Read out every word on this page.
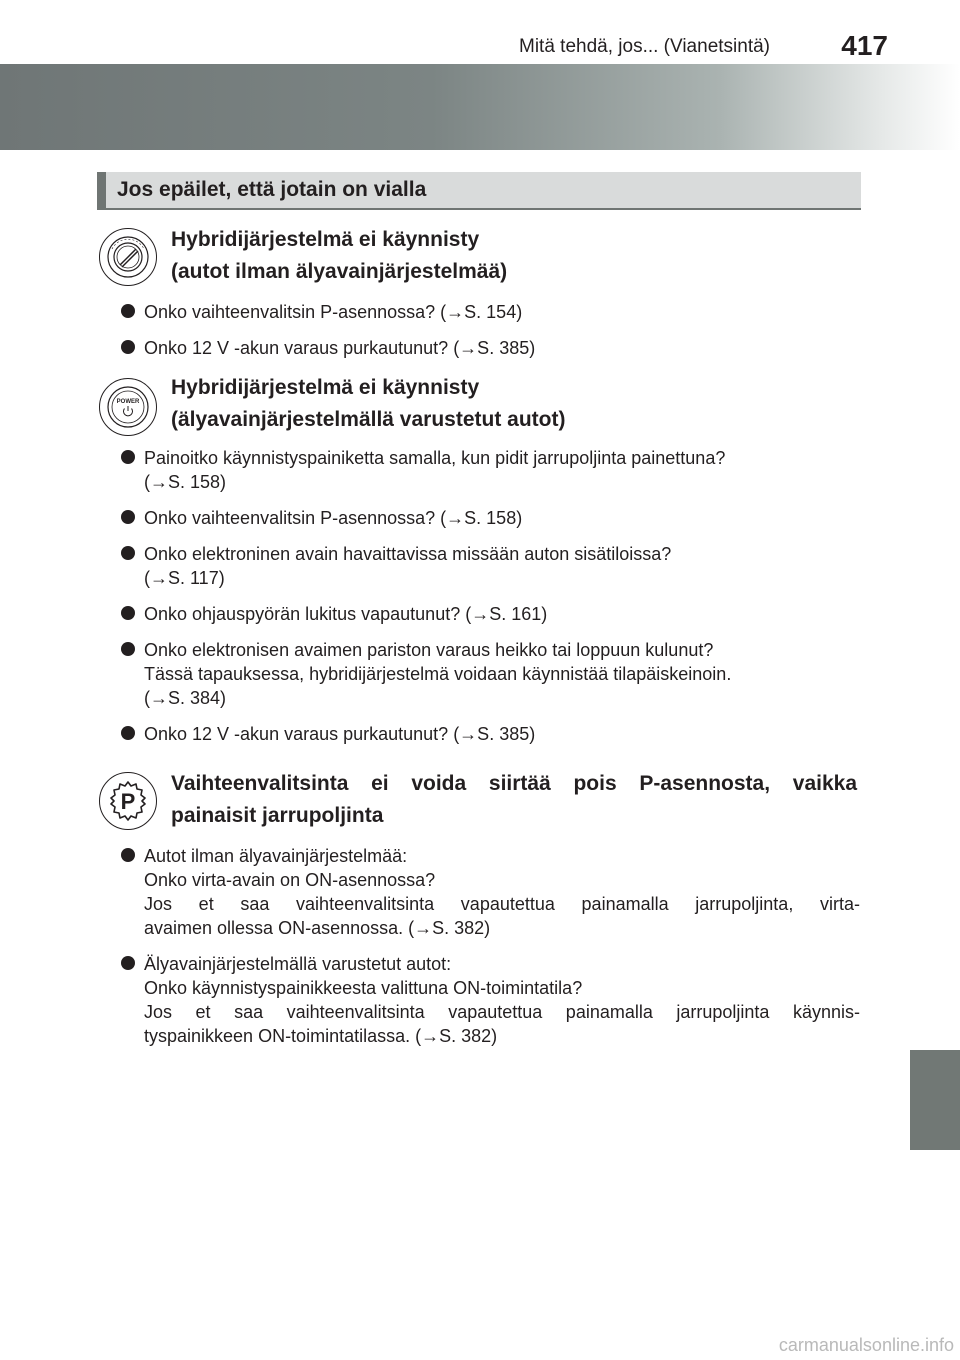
Mitä tehdä, jos... (Vianetsintä)	417
Jos epäilet, että jotain on vialla
Hybridijärjestelmä ei käynnisty
(autot ilman älyavainjärjestelmää)
Onko vaihteenvalitsin P-asennossa? (→S. 154)
Onko 12 V -akun varaus purkautunut? (→S. 385)
POWER
Hybridijärjestelmä ei käynnisty
(älyavainjärjestelmällä varustetut autot)
Painoitko käynnistyspainiketta samalla, kun pidit jarrupoljinta painettuna?
(→S. 158)
Onko vaihteenvalitsin P-asennossa? (→S. 158)
Onko elektroninen avain havaittavissa missään auton sisätiloissa?
(→S. 117)
Onko ohjauspyörän lukitus vapautunut? (→S. 161)
Onko elektronisen avaimen pariston varaus heikko tai loppuun kulunut?
Tässä tapauksessa, hybridijärjestelmä voidaan käynnistää tilapäiskeinoin.
(→S. 384)
Onko 12 V -akun varaus purkautunut? (→S. 385)
P
Vaihteenvalitsinta ei voida siirtää pois P-asennosta, vaikka
painaisit jarrupoljinta
Autot ilman älyavainjärjestelmää:
Onko virta-avain on ON-asennossa?
Jos et saa vaihteenvalitsinta vapautettua painamalla jarrupoljinta, virta-
avaimen ollessa ON-asennossa. (→S. 382)
Älyavainjärjestelmällä varustetut autot:
Onko käynnistyspainikkeesta valittuna ON-toimintatila?
Jos et saa vaihteenvalitsinta vapautettua painamalla jarrupoljinta käynnis-
tyspainikkeen ON-toimintatilassa. (→S. 382)
carmanualsonline.info
